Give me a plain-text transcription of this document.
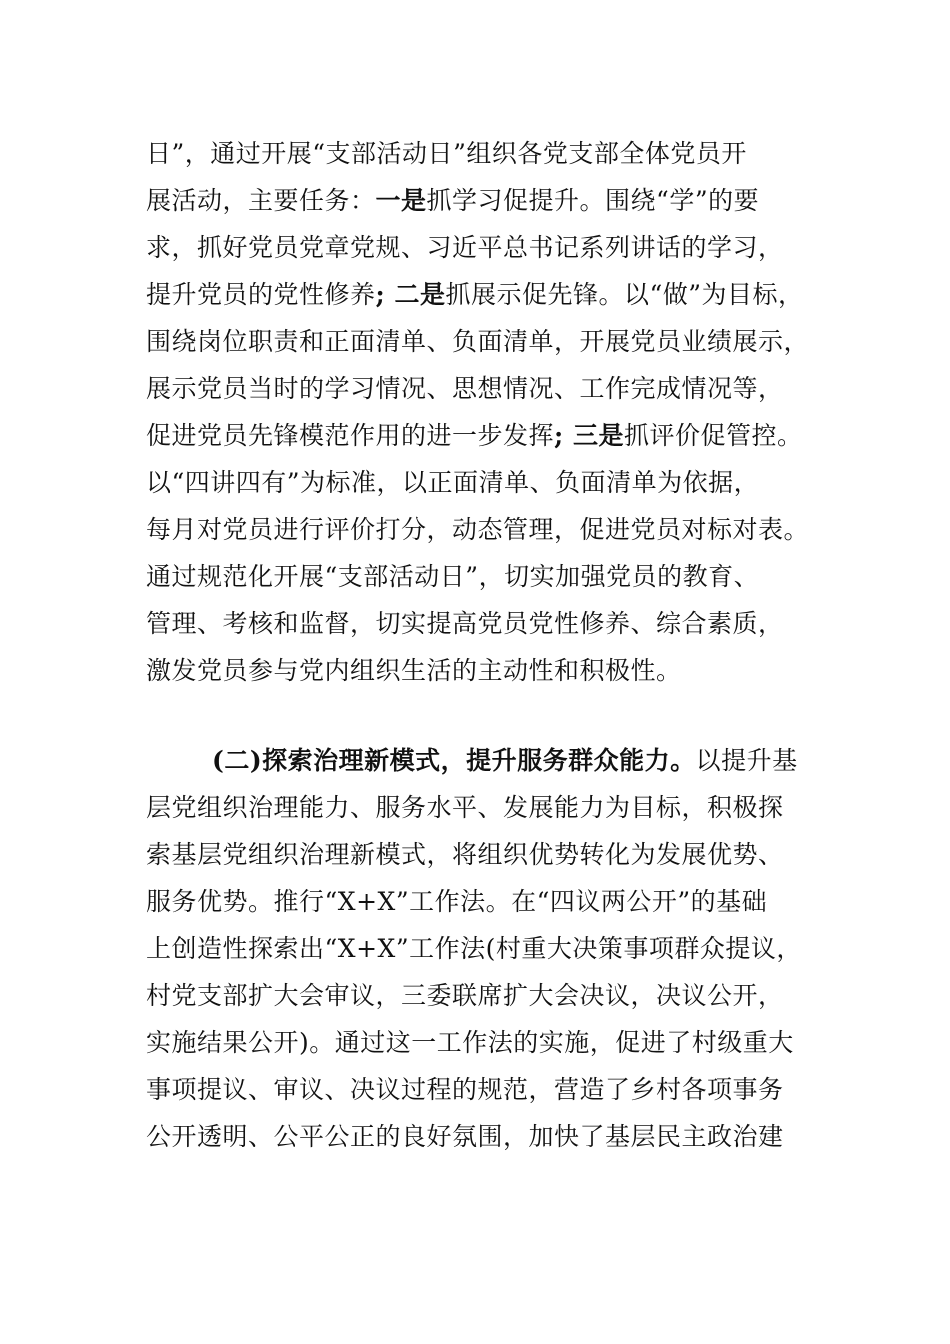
日”，通过开展“支部活动日”组织各党支部全体党员开
展活动，主要任务：一是抓学习促提升。围绕“学”的要
求，抓好党员党章党规、习近平总书记系列讲话的学习，
提升党员的党性修养; 二是抓展示促先锋。以“做”为目标，
围绕岗位职责和正面清单、负面清单，开展党员业绩展示，
展示党员当时的学习情况、思想情况、工作完成情况等，
促进党员先锋模范作用的进一步发挥; 三是抓评价促管控。
以“四讲四有”为标准，以正面清单、负面清单为依据，
每月对党员进行评价打分，动态管理，促进党员对标对表。
通过规范化开展“支部活动日”，切实加强党员的教育、
管理、考核和监督，切实提高党员党性修养、综合素质，
激发党员参与党内组织生活的主动性和积极性。
(二)探索治理新模式，提升服务群众能力。以提升基
层党组织治理能力、服务水平、发展能力为目标，积极探
索基层党组织治理新模式，将组织优势转化为发展优势、
服务优势。推行“X+X”工作法。在“四议两公开”的基础
上创造性探索出“X+X”工作法(村重大决策事项群众提议，
村党支部扩大会审议，三委联席扩大会决议，决议公开，
实施结果公开)。通过这一工作法的实施，促进了村级重大
事项提议、审议、决议过程的规范，营造了乡村各项事务
公开透明、公平公正的良好氛围，加快了基层民主政治建
